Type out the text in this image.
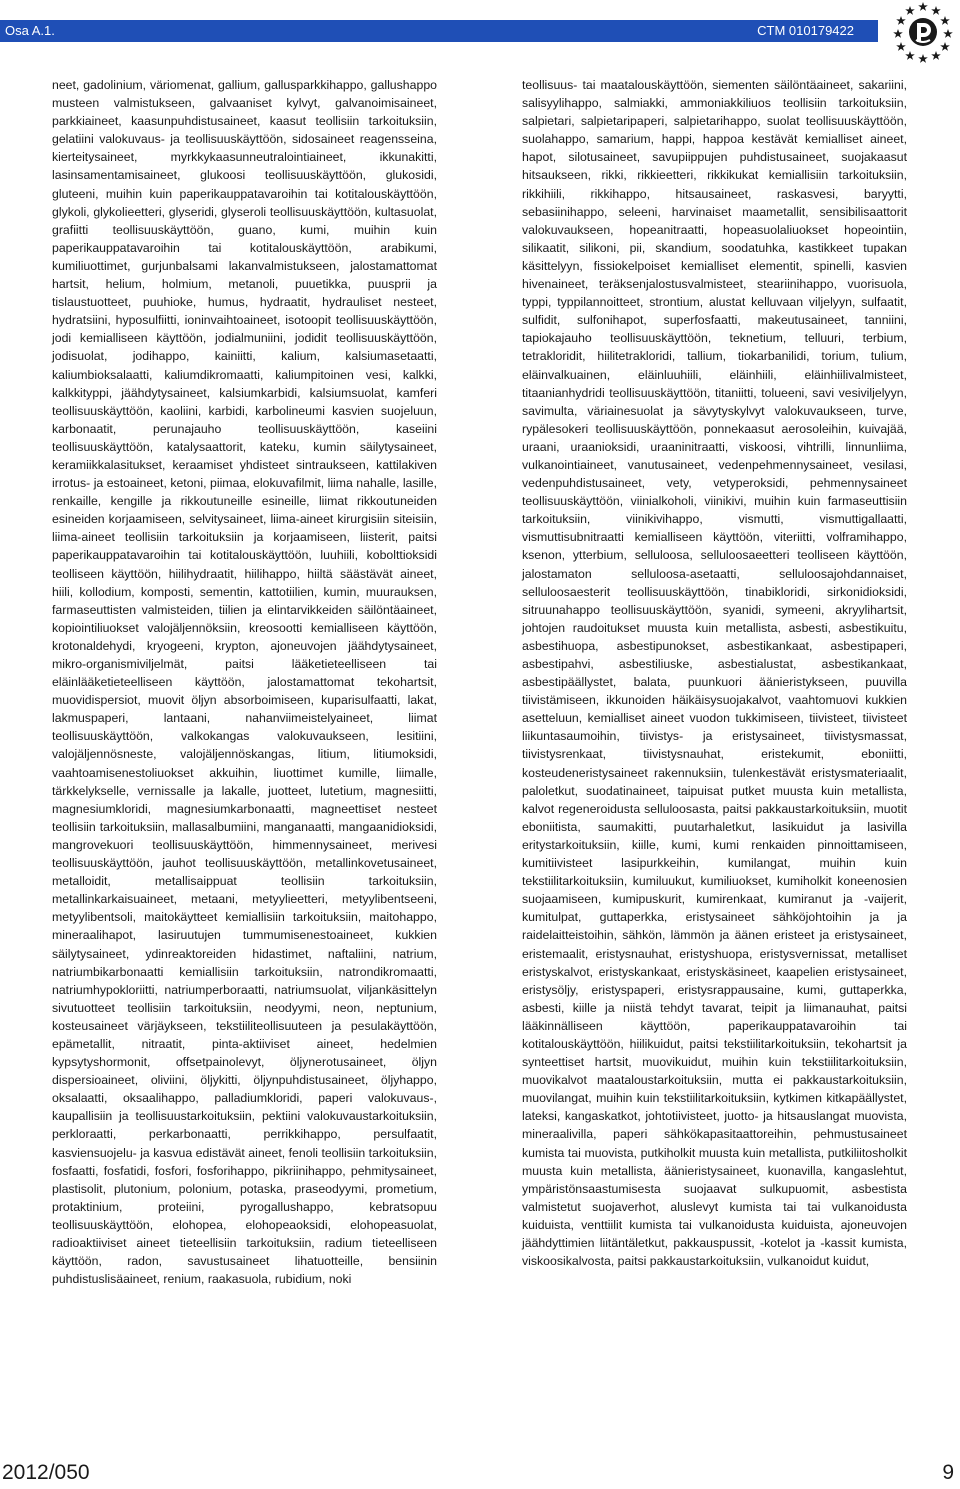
Osa A.1.	CTM 010179422
neet, gadolinium, väriomenat, gallium, gallusparkkihappo, gallushappo musteen valmistukseen, galvaaniset kylvyt, galvanoimisaineet, parkkiaineet, kaasunpuhdistusaineet, kaasut teollisiin tarkoituksiin, gelatiini valokuvaus- ja teollisuuskäyttöön, sidosaineet reagensseina, kierteitysaineet, myrkkykaasunneutralointiaineet, ikkunakitti, lasinsamentamisaineet, glukoosi teollisuuskäyttöön, glukosidi, gluteeni, muihin kuin paperikauppatavaroihin tai kotitalouskäyttöön, glykoli, glykolieetteri, glyseridi, glyseroli teollisuuskäyttöön, kultasuolat, grafiitti teollisuuskäyttöön, guano, kumi, muihin kuin paperikauppatavaroihin tai kotitalouskäyttöön, arabikumi, kumiliuottimet, gurjunbalsami lakanvalmistukseen, jalostamattomat hartsit, helium, holmium, metanoli, puuetikka, puusprii ja tislaustuotteet, puuhioke, humus, hydraatit, hydrauliset nesteet, hydratsiini, hyposulfiitti, ioninvaihtoaineet, isotoopit teollisuuskäyttöön, jodi kemialliseen käyttöön, jodialmuniini, jodidit teollisuuskäyttöön, jodisuolat, jodihappo, kainiitti, kalium, kalsiumasetaatti, kaliumbioksalaatti, kaliumdikromaatti, kaliumpitoinen vesi, kalkki, kalkkityppi, jäähdytysaineet, kalsiumkarbidi, kalsiumsuolat, kamferi teollisuuskäyttöön, kaoliini, karbidi, karbolineumi kasvien suojeluun, karbonaatit, perunajauho teollisuuskäyttöön, kaseiini teollisuuskäyttöön, katalysaattorit, kateku, kumin säilytysaineet, keramiikkalasitukset, keraamiset yhdisteet sintraukseen, kattilakiven irrotus- ja estoaineet, ketoni, piimaa, elokuvafilmit, liima nahalle, lasille, renkaille, kengille ja rikkoutuneille esineille, liimat rikkoutuneiden esineiden korjaamiseen, selvitysaineet, liima-aineet kirurgisiin siteisiin, liima-aineet teollisiin tarkoituksiin ja korjaamiseen, liisterit, paitsi paperikauppatavaroihin tai kotitalouskäyttöön, luuhiili, kobolttioksidi teolliseen käyttöön, hiilihydraatit, hiilihappo, hiiltä säästävät aineet, hiili, kollodium, komposti, sementin, kattotiilien, kumin, muurauksen, farmaseuttisten valmisteiden, tiilien ja elintarvikkeiden säilöntäaineet, kopiointiliuokset valojäljennöksiin, kreosootti kemialliseen käyttöön, krotonaldehydi, kryogeeni, krypton, ajoneuvojen jäähdytysaineet, mikro-organismiviljelmät, paitsi lääketieteelliseen tai eläinlääketieteelliseen käyttöön, jalostamattomat tekohartsit, muovidispersiot, muovit öljyn absorboimiseen, kuparisulfaatti, lakat, lakmuspaperi, lantaani, nahanviimeistelyaineet, liimat teollisuuskäyttöön, valkokangas valokuvaukseen, lesitiini, valojäljennösneste, valojäljennöskangas, litium, litiumoksidi, vaahtoamisenestoliuokset akkuihin, liuottimet kumille, liimalle, tärkkelykselle, vernissalle ja lakalle, juotteet, lutetium, magnesiitti, magnesiumkloridi, magnesiumkarbonaatti, magneettiset nesteet teollisiin tarkoituksiin, mallasalbumiini, manganaatti, mangaanidioksidi, mangrovekuori teollisuuskäyttöön, himmennysaineet, merivesi teollisuuskäyttöön, jauhot teollisuuskäyttöön, metallinkovetusaineet, metalloidit, metallisaippuat teollisiin tarkoituksiin, metallinkarkaisuaineet, metaani, metyylieetteri, metyylibentseeni, metyylibentsoli, maitokäytteet kemiallisiin tarkoituksiin, maitohappo, mineraalihapot, lasiruutujen tummumisenestoaineet, kukkien säilytysaineet, ydinreaktoreiden hidastimet, naftaliini, natrium, natriumbikarbonaatti kemiallisiin tarkoituksiin, natrondikromaatti, natriumhypokloriitti, natriumperboraatti, natriumsuolat, viljankäsittelyn sivutuotteet teollisiin tarkoituksiin, neodyymi, neon, neptunium, kosteusaineet värjäykseen, tekstiiliteollisuuteen ja pesulakäyttöön, epämetallit, nitraatit, pinta-aktiiviset aineet, hedelmien kypsytyshormonit, offsetpainolevyt, öljynerotusaineet, öljyn dispersioaineet, oliviini, öljykitti, öljynpuhdistusaineet, öljyhappo, oksalaatti, oksaalihappo, palladiumkloridi, paperi valokuvaus-, kaupallisiin ja teollisuustarkoituksiin, pektiini valokuvaustarkoituksiin, perkloraatti, perkarbonaatti, perrikkihappo, persulfaatit, kasviensuojelu- ja kasvua edistävät aineet, fenoli teollisiin tarkoituksiin, fosfaatti, fosfatidi, fosfori, fosforihappo, pikriinihappo, pehmitysaineet, plastisolit, plutonium, polonium, potaska, praseodyymi, prometium, protaktinium, proteiini, pyrogallushappo, kebratsopuu teollisuuskäyttöön, elohopea, elohopeaoksidi, elohopeasuolat, radioaktiiviset aineet tieteellisiin tarkoituksiin, radium tieteelliseen käyttöön, radon, savustusaineet lihatuotteille, bensiinin puhdistuslisäaineet, renium, raakasuola, rubidium, noki
teollisuus- tai maatalouskäyttöön, siementen säilöntäaineet, sakariini, salisyylihappo, salmiakki, ammoniakkiliuos teollisiin tarkoituksiin, salpietari, salpietaripaperi, salpietarihappo, suolat teollisuuskäyttöön, suolahappo, samarium, happi, happoa kestävät kemialliset aineet, hapot, silotusaineet, savupiippujen puhdistusaineet, suojakaasut hitsaukseen, rikki, rikkieetteri, rikkikukat kemiallisiin tarkoituksiin, rikkihiili, rikkihappo, hitsausaineet, raskasvesi, baryytti, sebasiinihappo, seleeni, harvinaiset maametallit, sensibilisaattorit valokuvaukseen, hopeanitraatti, hopeasuolaliuokset hopeointiin, silikaatit, silikoni, pii, skandium, soodatuhka, kastikkeet tupakan käsittelyyn, fissiokelpoiset kemialliset elementit, spinelli, kasvien hivenaineet, teräksenjalostusvalmisteet, steariinihappo, vuorisuola, typpi, typpilannoitteet, strontium, alustat kelluvaan viljelyyn, sulfaatit, sulfidit, sulfonihapot, superfosfaatti, makeutusaineet, tanniini, tapiokajauho teollisuuskäyttöön, teknetium, telluuri, terbium, tetrakloridit, hiilitetrakloridi, tallium, tiokarbanilidi, torium, tulium, eläinvalkuainen, eläinluuhiili, eläinhiili, eläinhiilivalmisteet, titaanianhydridi teollisuuskäyttöön, titaniitti, tolueeni, savi vesiviljelyyn, savimulta, väriainesuolat ja sävytyskylvyt valokuvaukseen, turve, rypälesokeri teollisuuskäyttöön, ponnekaasut aerosoleihin, kuivajää, uraani, uraanioksidi, uraaninitraatti, viskoosi, vihtrilli, linnunliima, vulkanointiaineet, vanutusaineet, vedenpehmennysaineet, vesilasi, vedenpuhdistusaineet, vety, vetyperoksidi, pehmennysaineet teollisuuskäyttöön, viinialkoholi, viinikivi, muihin kuin farmaseuttisiin tarkoituksiin, viinikivihappo, vismutti, vismuttigallaatti, vismuttisubnitraatti kemialliseen käyttöön, viteriitti, volframihappo, ksenon, ytterbium, selluloosa, selluloosaeetteri teolliseen käyttöön, jalostamaton selluloosa-asetaatti, selluloosajohdannaiset, selluloosaesterit teollisuuskäyttöön, tinabikloridi, sirkonidioksidi, sitruunahappo teollisuuskäyttöön, syanidi, symeeni, akryylihartsit, johtojen raudoitukset muusta kuin metallista, asbesti, asbestikuitu, asbestihuopa, asbestipunokset, asbestikankaat, asbestipaperi, asbestipahvi, asbestiliuske, asbestialustat, asbestikankaat, asbestipäällystet, balata, puunkuori äänieristykseen, puuvilla tiivistämiseen, ikkunoiden häikäisysuojakalvot, vaahtomuovi kukkien asetteluun, kemialliset aineet vuodon tukkimiseen, tiivisteet, tiivisteet liikuntasaumoihin, tiivistys- ja eristysaineet, tiivistysmassat, tiivistysrenkaat, tiivistysnauhat, eristekumit, eboniitti, kosteudeneristysaineet rakennuksiin, tulenkestävät eristysmateriaalit, paloletkut, suodatinaineet, taipuisat putket muusta kuin metallista, kalvot regeneroidusta selluloosasta, paitsi pakkaustarkoituksiin, muotit eboniitista, saumakitti, puutarhaletkut, lasikuidut ja lasivilla eritystarkoituksiin, kiille, kumi, kumi renkaiden pinnoittamiseen, kumitiivisteet lasipurkkeihin, kumilangat, muihin kuin tekstiilitarkoituksiin, kumiluukut, kumiliuokset, kumiholkit koneenosien suojaamiseen, kumipuskurit, kumirenkaat, kumiranut ja -vaijerit, kumitulpat, guttaperkka, eristysaineet sähköjohtoihin ja ja raidelaitteistoihin, sähkön, lämmön ja äänen eristeet ja eristysaineet, eristemaalit, eristysnauhat, eristyshuopa, eristysvernissat, metalliset eristyskalvot, eristyskankaat, eristyskäsineet, kaapelien eristysaineet, eristysöljy, eristyspaperi, eristysrappausaine, kumi, guttaperkka, asbesti, kiille ja niistä tehdyt tavarat, teipit ja liimanauhat, paitsi lääkinnälliseen käyttöön, paperikauppatavaroihin tai kotitalouskäyttöön, hiilikuidut, paitsi tekstiilitarkoituksiin, tekohartsit ja synteettiset hartsit, muovikuidut, muihin kuin tekstiilitarkoituksiin, muovikalvot maataloustarkoituksiin, mutta ei pakkaustarkoituksiin, muovilangat, muihin kuin tekstiilitarkoituksiin, kytkimen kitkapäällystet, lateksi, kangaskatkot, johtotiivisteet, juotto- ja hitsauslangat muovista, mineraalivilla, paperi sähkökapasitaattoreihin, pehmustusaineet kumista tai muovista, putkiholkit muusta kuin metallista, putkiliitosholkit muusta kuin metallista, äänieristysaineet, kuonavilla, kangaslehtut, ympäristönsaastumisesta suojaavat sulkupuomit, asbestista valmistetut suojaverhot, aluslevyt kumista tai tai vulkanoidusta kuiduista, venttiilit kumista tai vulkanoidusta kuiduista, ajoneuvojen jäähdyttimien liitäntäletkut, pakkauspussit, -kotelot ja -kassit kumista, viskoosikalvosta, paitsi pakkaustarkoituksiin, vulkanoidut kuidut,
2012/050	9
